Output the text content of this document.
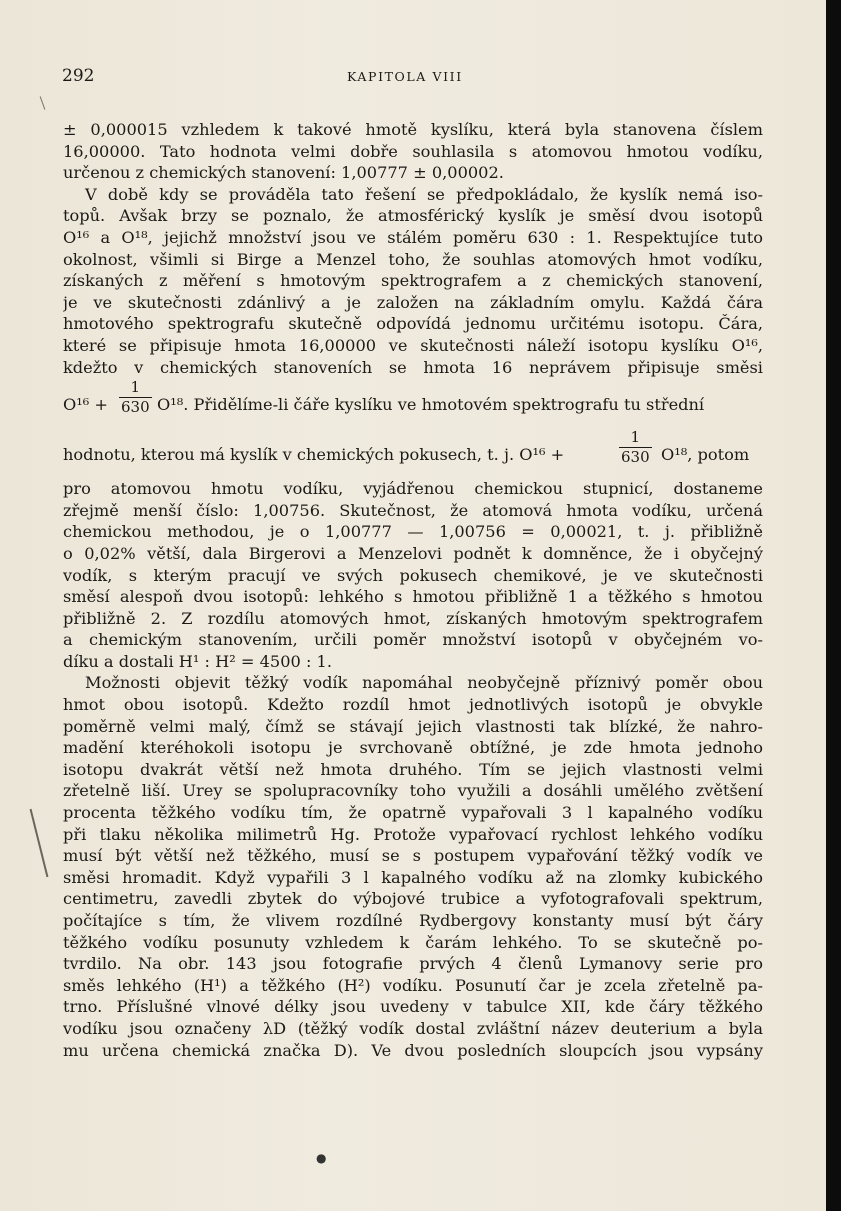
292	KAPITOLA VIII
± 0,000015 vzhledem k takové hmotě kyslíku, která byla stanovena číslem
16,00000. Tato hodnota velmi dobře souhlasila s atomovou hmotou vodíku,
určenou z chemických stanovení: 1,00777 ± 0,00002.
V době kdy se prováděla tato řešení se předpokládalo, že kyslík nemá iso-
topů. Avšak brzy se poznalo, že atmosférický kyslík je směsí dvou isotopů
O¹⁶ a O¹⁸, jejichž množství jsou ve stálém poměru 630 : 1. Respektujíce tuto
okolnost, všimli si Birge a Menzel toho, že souhlas atomových hmot vodíku,
získaných z měření s hmotovým spektrografem a z chemických stanovení,
je ve skutečnosti zdánlivý a je založen na základním omylu. Každá čára
hmotového spektrografu skutečně odpovídá jednomu určitému isotopu. Čára,
které se připisuje hmota 16,00000 ve skutečnosti náleží isotopu kyslíku O¹⁶,
kdežto v chemických stanoveních se hmota 16 neprávem připisuje směsi
$O^{16} + \frac{1}{630} O^{18}$. Přidělíme-li čáře kyslíku ve hmotovém spektrografu tu střední
hodnotu, kterou má kyslík v chemických pokusech, t. j. O¹⁶ +	$\frac{1}{630} O^{18}$, potom
pro atomovou hmotu vodíku, vyjádřenou chemickou stupnicí, dostaneme
zřejmě menší číslo: 1,00756. Skutečnost, že atomová hmota vodíku, určená
chemickou methodou, je o 1,00777 — 1,00756 = 0,00021, t. j. přibližně
o 0,02% větší, dala Birgerovi a Menzelovi podnět k domněnce, že i obyčejný
vodík, s kterým pracují ve svých pokusech chemikové, je ve skutečnosti
směsí alespoň dvou isotopů: lehkého s hmotou přibližně 1 a těžkého s hmotou
přibližně 2. Z rozdílu atomových hmot, získaných hmotovým spektrografem
a chemickým stanovením, určili poměr množství isotopů v obyčejném vo-
díku a dostali H¹ : H² = 4500 : 1.
Možnosti objevit těžký vodík napomáhal neobyčejně příznivý poměr obou
hmot obou isotopů. Kdežto rozdíl hmot jednotlivých isotopů je obvykle
poměrně velmi malý, čímž se stávají jejich vlastnosti tak blízké, že nahro-
madění kteréhokoli isotopu je svrchovaně obtížné, je zde hmota jednoho
isotopu dvakrát větší než hmota druhého. Tím se jejich vlastnosti velmi
zřetelně liší. Urey se spolupracovníky toho využili a dosáhli umělého zvětšení
procenta těžkého vodíku tím, že opatrně vypařovali 3 l kapalného vodíku
při tlaku několika milimetrů Hg. Protože vypařovací rychlost lehkého vodíku
musí být větší než těžkého, musí se s postupem vypařování těžký vodík ve
směsi hromadit. Když vypařili 3 l kapalného vodíku až na zlomky kubického
centimetru, zavedli zbytek do výbojové trubice a vyfotografovali spektrum,
počítajíce s tím, že vlivem rozdílné Rydbergovy konstanty musí být čáry
těžkého vodíku posunuty vzhledem k čarám lehkého. To se skutečně po-
tvrdilo. Na obr. 143 jsou fotografie prvých 4 členů Lymanovy serie pro
směs lehkého (H¹) a těžkého (H²) vodíku. Posunutí čar je zcela zřetelně pa-
trno. Příslušné vlnové délky jsou uvedeny v tabulce XII, kde čáry těžkého
vodíku jsou označeny λD (těžký vodík dostal zvláštní název deuterium a byla
mu určena chemická značka D). Ve dvou posledních sloupcích jsou vypsány
●
